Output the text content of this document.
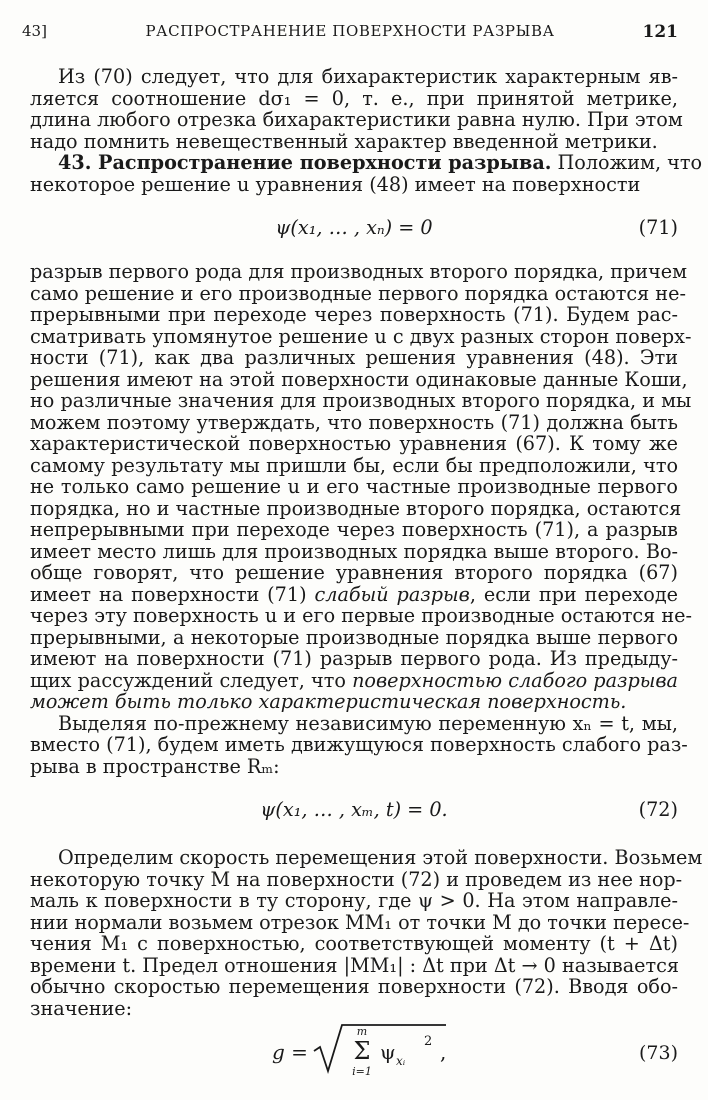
43]	РАСПРОСТРАНЕНИЕ ПОВЕРХНОСТИ РАЗРЫВА	121
Из (70) следует, что для бихарактеристик характерным яв-
ляется соотношение dσ₁ = 0, т. е., при принятой метрике,
длина любого отрезка бихарактеристики равна нулю. При этом
надо помнить невещественный характер введенной метрики.
43. Распространение поверхности разрыва. Положим, что
некоторое решение u уравнения (48) имеет на поверхности
ψ(x₁, … , xₙ) = 0	(71)
разрыв первого рода для производных второго порядка, причем
само решение и его производные первого порядка остаются не-
прерывными при переходе через поверхность (71). Будем рас-
сматривать упомянутое решение u с двух разных сторон поверх-
ности (71), как два различных решения уравнения (48). Эти
решения имеют на этой поверхности одинаковые данные Коши,
но различные значения для производных второго порядка, и мы
можем поэтому утверждать, что поверхность (71) должна быть
характеристической поверхностью уравнения (67). К тому же
самому результату мы пришли бы, если бы предположили, что
не только само решение u и его частные производные первого
порядка, но и частные производные второго порядка, остаются
непрерывными при переходе через поверхность (71), а разрыв
имеет место лишь для производных порядка выше второго. Во-
обще говорят, что решение уравнения второго порядка (67)
имеет на поверхности (71) слабый разрыв, если при переходе
через эту поверхность u и его первые производные остаются не-
прерывными, а некоторые производные порядка выше первого
имеют на поверхности (71) разрыв первого рода. Из предыду-
щих рассуждений следует, что поверхностью слабого разрыва
может быть только характеристическая поверхность.
Выделяя по-прежнему независимую переменную xₙ = t, мы,
вместо (71), будем иметь движущуюся поверхность слабого раз-
рыва в пространстве Rₘ:
ψ(x₁, … , xₘ, t) = 0.	(72)
Определим скорость перемещения этой поверхности. Возьмем
некоторую точку M на поверхности (72) и проведем из нее нор-
маль к поверхности в ту сторону, где ψ > 0. На этом направле-
нии нормали возьмем отрезок MM₁ от точки M до точки пересе-
чения M₁ с поверхностью, соответствующей моменту (t + Δt)
времени t. Предел отношения |MM₁| : Δt при Δt → 0 называется
обычно скоростью перемещения поверхности (72). Вводя обо-
значение:
g =
m
Σ
i=1
ψ xᵢ
2 ,	(73)
